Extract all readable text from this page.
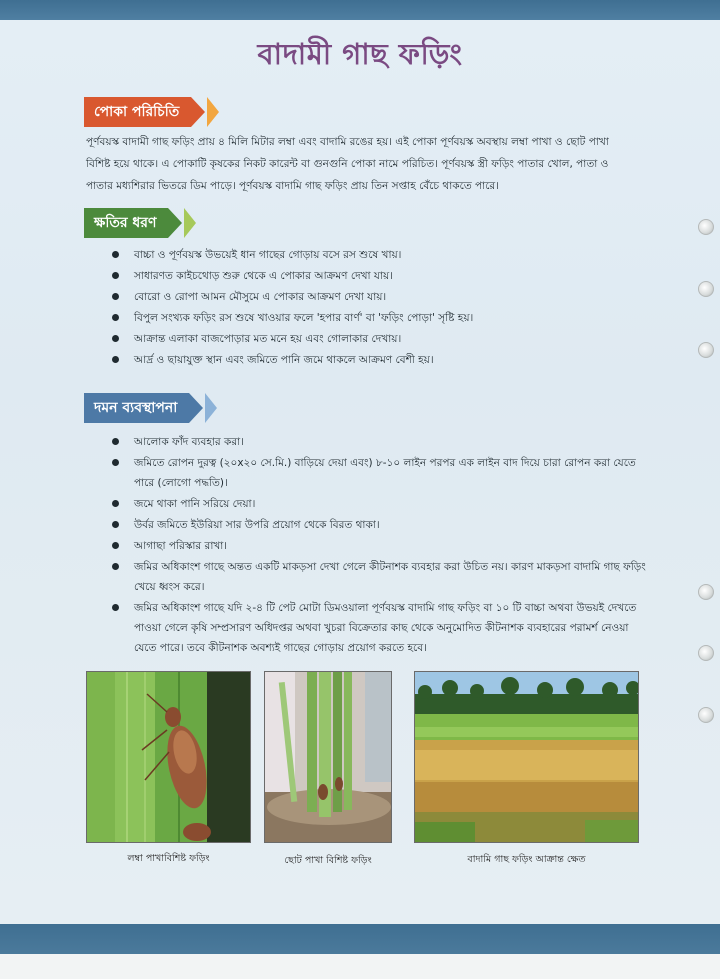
বাদামী গাছ ফড়িং
পোকা পরিচিতি
পূর্ণবয়স্ক বাদামী গাছ ফড়িং প্রায় ৪ মিলি মিটার লম্বা এবং বাদামি রঙের হয়। এই পোকা পূর্ণবয়স্ক অবস্থায় লম্বা পাখা ও ছোট পাখা
বিশিষ্ট হয়ে থাকে। এ পোকাটি কৃষকের নিকট কারেন্ট বা গুনগুনি পোকা নামে পরিচিত। পূর্ণবয়স্ক স্ত্রী ফড়িং পাতার খোল, পাতা ও
পাতার মধ্যশিরার ভিতরে ডিম পাড়ে। পূর্ণবয়স্ক বাদামি গাছ ফড়িং প্রায় তিন সপ্তাহ বেঁচে থাকতে পারে।
ক্ষতির ধরণ
বাচ্চা ও পূর্ণবয়স্ক উভয়েই ধান গাছের গোড়ায় বসে রস শুষে খায়।
সাধারণত কাইচথোড় শুরু থেকে এ পোকার আক্রমণ দেখা যায়।
বোরো ও রোপা আমন মৌসুমে এ পোকার আক্রমণ দেখা যায়।
বিপুল সংখ্যক ফড়িং রস শুষে খাওয়ার ফলে 'হপার বার্ণ' বা 'ফড়িং পোড়া' সৃষ্টি হয়।
আক্রান্ত এলাকা বাজপোড়ার মত মনে হয় এবং গোলাকার দেখায়।
আর্দ্র ও ছায়াযুক্ত স্থান এবং জমিতে পানি জমে থাকলে আক্রমণ বেশী হয়।
দমন ব্যবস্থাপনা
আলোক ফাঁদ ব্যবহার করা।
জমিতে রোপন দুরত্ব (২০x২০ সে.মি.) বাড়িয়ে দেয়া এবং) ৮-১০ লাইন পরপর এক লাইন বাদ দিয়ে চারা রোপন করা যেতে পারে (লোগো পদ্ধতি)।
জমে থাকা পানি সরিয়ে দেয়া।
উর্বর জমিতে ইউরিয়া সার উপরি প্রয়োগ থেকে বিরত থাকা।
আগাছা পরিস্কার রাখা।
জমির অধিকাংশ গাছে অন্তত একটি মাকড়সা দেখা গেলে কীটনাশক ব্যবহার করা উচিত নয়। কারণ মাকড়সা বাদামি গাছ ফড়িং খেয়ে ধ্বংস করে।
জমির অধিকাংশ গাছে যদি ২-৪ টি পেট মোটা ডিমওয়ালা পূর্ণবয়স্ক বাদামি গাছ ফড়িং বা ১০ টি বাচ্চা অথবা উভয়ই দেখতে পাওয়া গেলে কৃষি সম্প্রসারণ অধিদপ্তর অথবা খুচরা বিক্রেতার কাছ থেকে অনুমোদিত কীটনাশক ব্যবহারের পরামর্শ নেওয়া যেতে পারে। তবে কীটনাশক অবশ্যই গাছের গোড়ায় প্রয়োগ করতে হবে।
লম্বা পাখাবিশিষ্ট ফড়িং	ছোট পাখা বিশিষ্ট ফড়িং	বাদামি গাছ ফড়িং আক্রান্ত ক্ষেত
